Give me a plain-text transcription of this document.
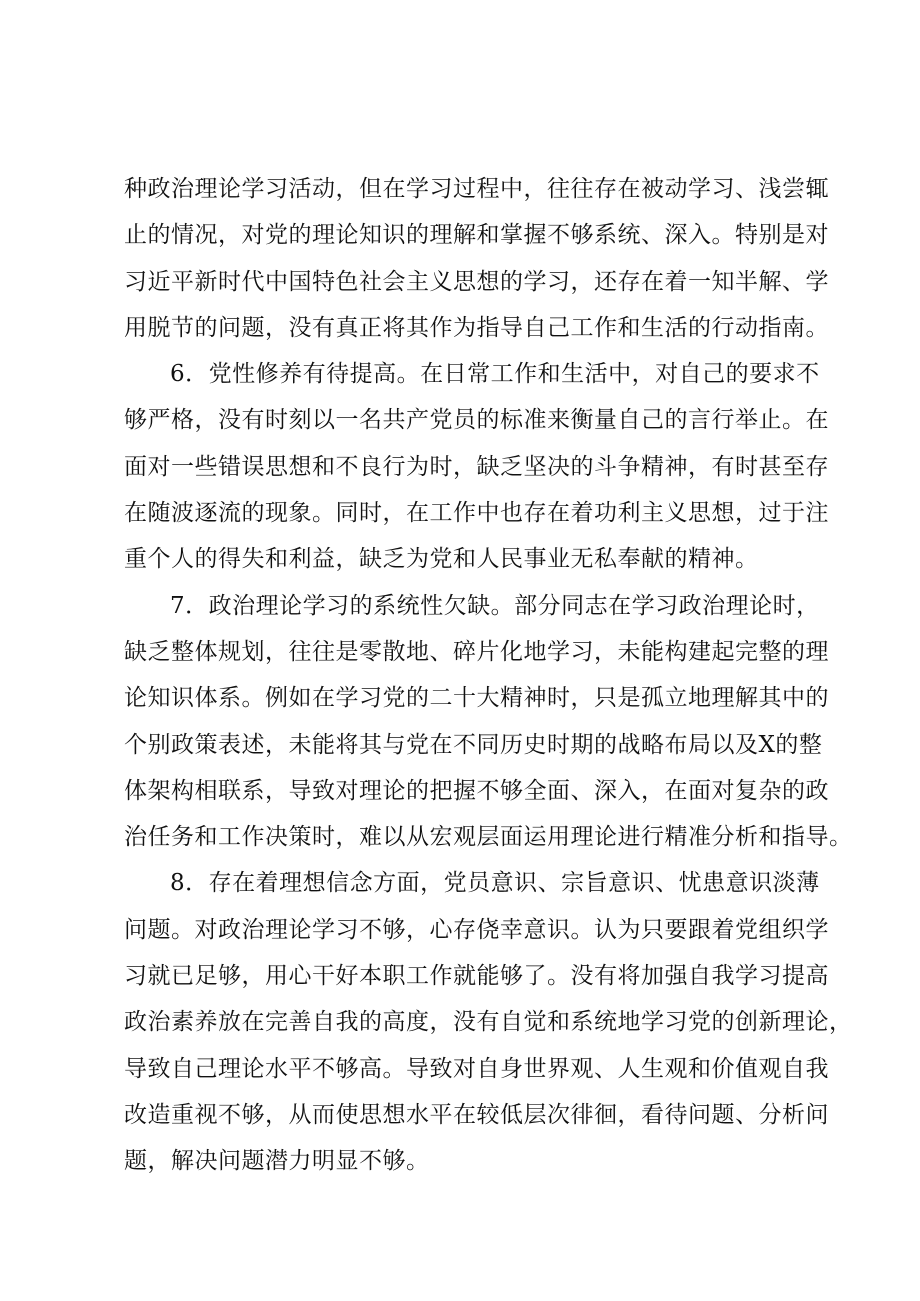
种政治理论学习活动，但在学习过程中，往往存在被动学习、浅尝辄
止的情况，对党的理论知识的理解和掌握不够系统、深入。特别是对
习近平新时代中国特色社会主义思想的学习，还存在着一知半解、学
用脱节的问题，没有真正将其作为指导自己工作和生活的行动指南。
6．党性修养有待提高。在日常工作和生活中，对自己的要求不
够严格，没有时刻以一名共产党员的标准来衡量自己的言行举止。在
面对一些错误思想和不良行为时，缺乏坚决的斗争精神，有时甚至存
在随波逐流的现象。同时，在工作中也存在着功利主义思想，过于注
重个人的得失和利益，缺乏为党和人民事业无私奉献的精神。
7．政治理论学习的系统性欠缺。部分同志在学习政治理论时，
缺乏整体规划，往往是零散地、碎片化地学习，未能构建起完整的理
论知识体系。例如在学习党的二十大精神时，只是孤立地理解其中的
个别政策表述，未能将其与党在不同历史时期的战略布局以及X的整
体架构相联系，导致对理论的把握不够全面、深入，在面对复杂的政
治任务和工作决策时，难以从宏观层面运用理论进行精准分析和指导。
8．存在着理想信念方面，党员意识、宗旨意识、忧患意识淡薄
问题。对政治理论学习不够，心存侥幸意识。认为只要跟着党组织学
习就已足够，用心干好本职工作就能够了。没有将加强自我学习提高
政治素养放在完善自我的高度，没有自觉和系统地学习党的创新理论，
导致自己理论水平不够高。导致对自身世界观、人生观和价值观自我
改造重视不够，从而使思想水平在较低层次徘徊，看待问题、分析问
题，解决问题潜力明显不够。
